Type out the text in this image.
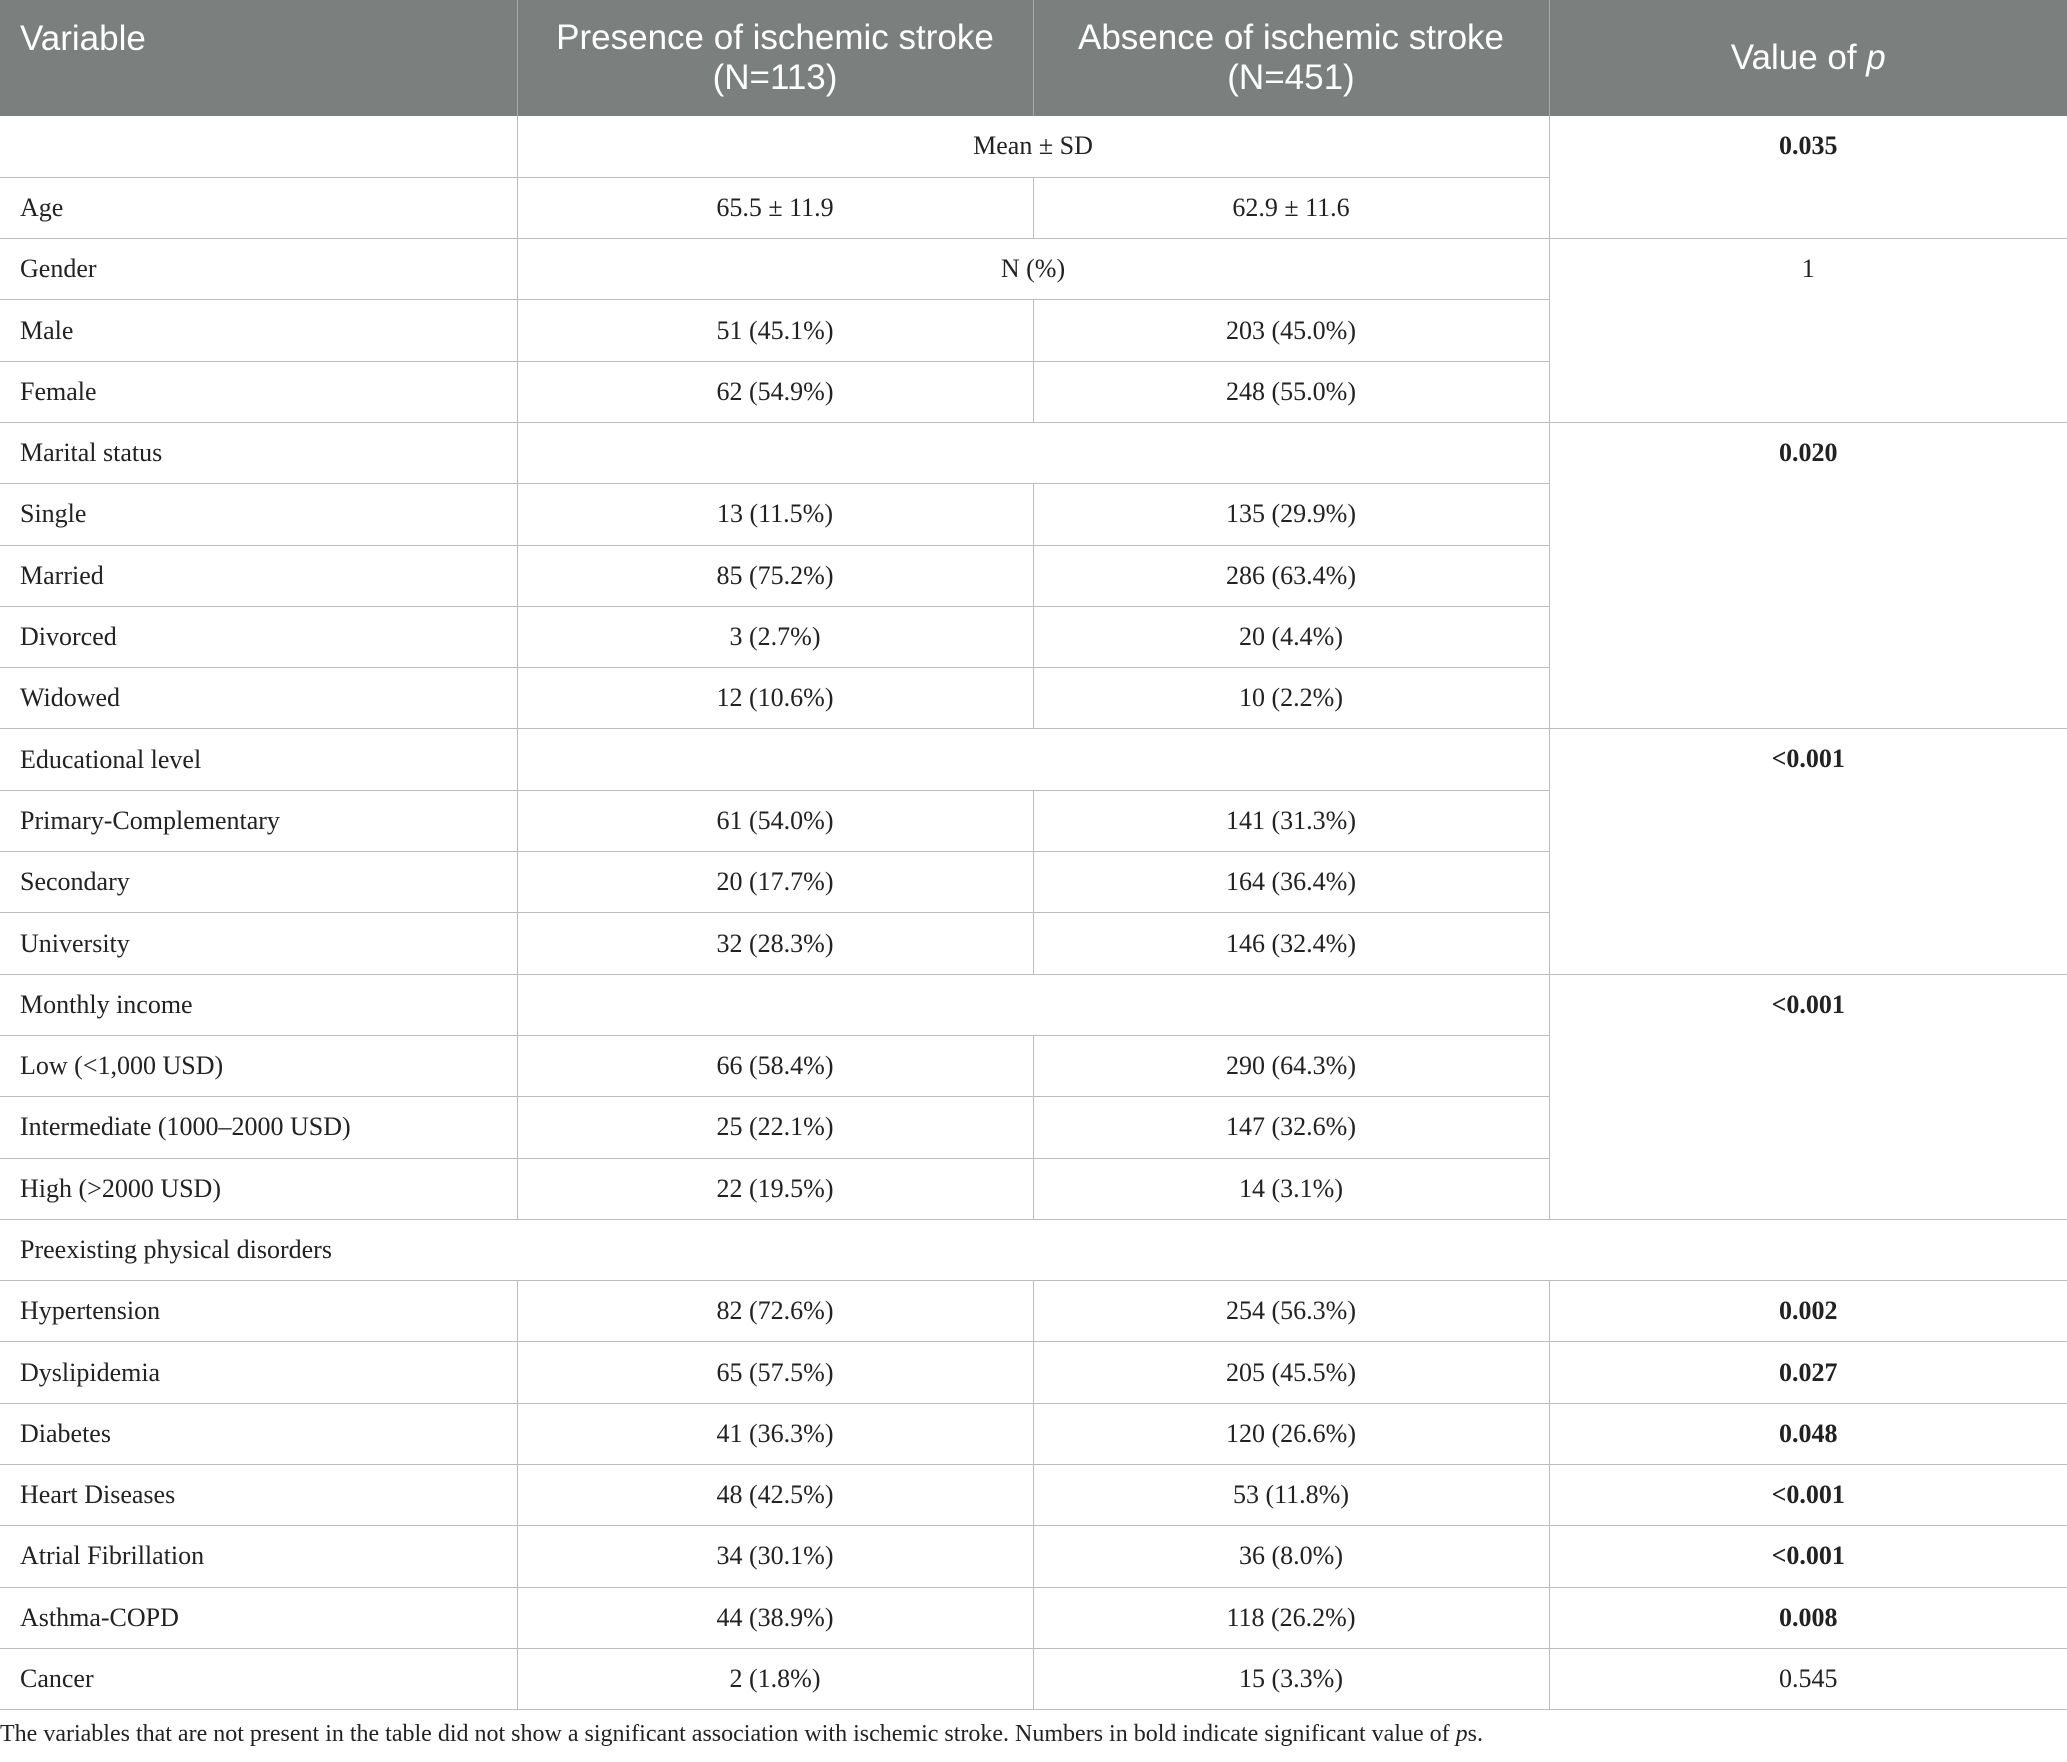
Variable	Presence of ischemic stroke (N=113)	Absence of ischemic stroke (N=451)	Value of p
	Mean ± SD		0.035
Age	65.5 ± 11.9	62.9 ± 11.6	
Gender	N (%)		1
Male	51 (45.1%)	203 (45.0%)	
Female	62 (54.9%)	248 (55.0%)	
Marital status			0.020
Single	13 (11.5%)	135 (29.9%)	
Married	85 (75.2%)	286 (63.4%)	
Divorced	3 (2.7%)	20 (4.4%)	
Widowed	12 (10.6%)	10 (2.2%)	
Educational level			<0.001
Primary-Complementary	61 (54.0%)	141 (31.3%)	
Secondary	20 (17.7%)	164 (36.4%)	
University	32 (28.3%)	146 (32.4%)	
Monthly income			<0.001
Low (<1,000 USD)	66 (58.4%)	290 (64.3%)	
Intermediate (1000–2000 USD)	25 (22.1%)	147 (32.6%)	
High (>2000 USD)	22 (19.5%)	14 (3.1%)	
Preexisting physical disorders			
Hypertension	82 (72.6%)	254 (56.3%)	0.002
Dyslipidemia	65 (57.5%)	205 (45.5%)	0.027
Diabetes	41 (36.3%)	120 (26.6%)	0.048
Heart Diseases	48 (42.5%)	53 (11.8%)	<0.001
Atrial Fibrillation	34 (30.1%)	36 (8.0%)	<0.001
Asthma-COPD	44 (38.9%)	118 (26.2%)	0.008
Cancer	2 (1.8%)	15 (3.3%)	0.545
The variables that are not present in the table did not show a significant association with ischemic stroke. Numbers in bold indicate significant value of ps.
